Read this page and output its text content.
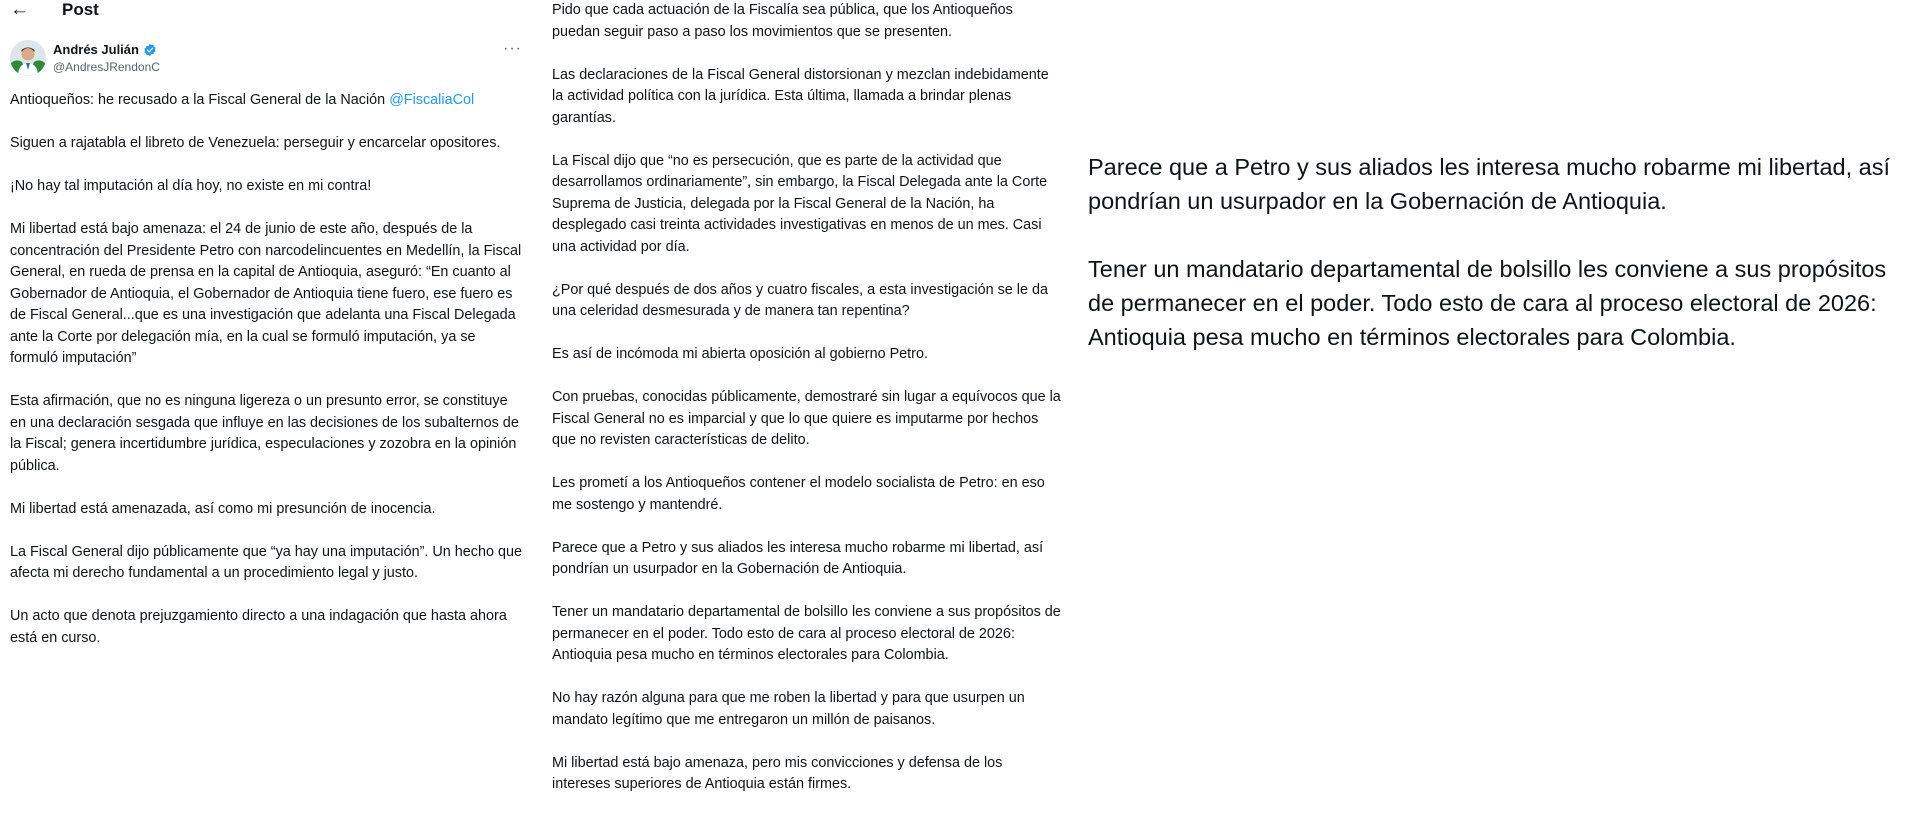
←	Post
Andrés Julián
@AndresJRendonC
···

Antioqueños: he recusado a la Fiscal General de la Nación @FiscaliaCol

Siguen a rajatabla el libreto de Venezuela: perseguir y encarcelar opositores.

¡No hay tal imputación al día hoy, no existe en mi contra!

Mi libertad está bajo amenaza: el 24 de junio de este año, después de la concentración del Presidente Petro con narcodelincuentes en Medellín, la Fiscal General, en rueda de prensa en la capital de Antioquia, aseguró: “En cuanto al Gobernador de Antioquia, el Gobernador de Antioquia tiene fuero, ese fuero es de Fiscal General...que es una investigación que adelanta una Fiscal Delegada ante la Corte por delegación mía, en la cual se formuló imputación, ya se formuló imputación”

Esta afirmación, que no es ninguna ligereza o un presunto error, se constituye en una declaración sesgada que influye en las decisiones de los subalternos de la Fiscal; genera incertidumbre jurídica, especulaciones y zozobra en la opinión pública.

Mi libertad está amenazada, así como mi presunción de inocencia.

La Fiscal General dijo públicamente que “ya hay una imputación”. Un hecho que afecta mi derecho fundamental a un procedimiento legal y justo.

Un acto que denota prejuzgamiento directo a una indagación que hasta ahora está en curso.

Pido que cada actuación de la Fiscalía sea pública, que los Antioqueños puedan seguir paso a paso los movimientos que se presenten.

Las declaraciones de la Fiscal General distorsionan y mezclan indebidamente la actividad política con la jurídica. Esta última, llamada a brindar plenas garantías.

La Fiscal dijo que “no es persecución, que es parte de la actividad que desarrollamos ordinariamente”, sin embargo, la Fiscal Delegada ante la Corte Suprema de Justicia, delegada por la Fiscal General de la Nación, ha desplegado casi treinta actividades investigativas en menos de un mes. Casi una actividad por día.

¿Por qué después de dos años y cuatro fiscales, a esta investigación se le da una celeridad desmesurada y de manera tan repentina?

Es así de incómoda mi abierta oposición al gobierno Petro.

Con pruebas, conocidas públicamente, demostraré sin lugar a equívocos que la Fiscal General no es imparcial y que lo que quiere es imputarme por hechos que no revisten características de delito.

Les prometí a los Antioqueños contener el modelo socialista de Petro: en eso me sostengo y mantendré.

Parece que a Petro y sus aliados les interesa mucho robarme mi libertad, así pondrían un usurpador en la Gobernación de Antioquia.

Tener un mandatario departamental de bolsillo les conviene a sus propósitos de permanecer en el poder. Todo esto de cara al proceso electoral de 2026: Antioquia pesa mucho en términos electorales para Colombia.

No hay razón alguna para que me roben la libertad y para que usurpen un mandato legítimo que me entregaron un millón de paisanos.

Mi libertad está bajo amenaza, pero mis convicciones y defensa de los intereses superiores de Antioquia están firmes.

Parece que a Petro y sus aliados les interesa mucho robarme mi libertad, así pondrían un usurpador en la Gobernación de Antioquia.

Tener un mandatario departamental de bolsillo les conviene a sus propósitos de permanecer en el poder. Todo esto de cara al proceso electoral de 2026: Antioquia pesa mucho en términos electorales para Colombia.
